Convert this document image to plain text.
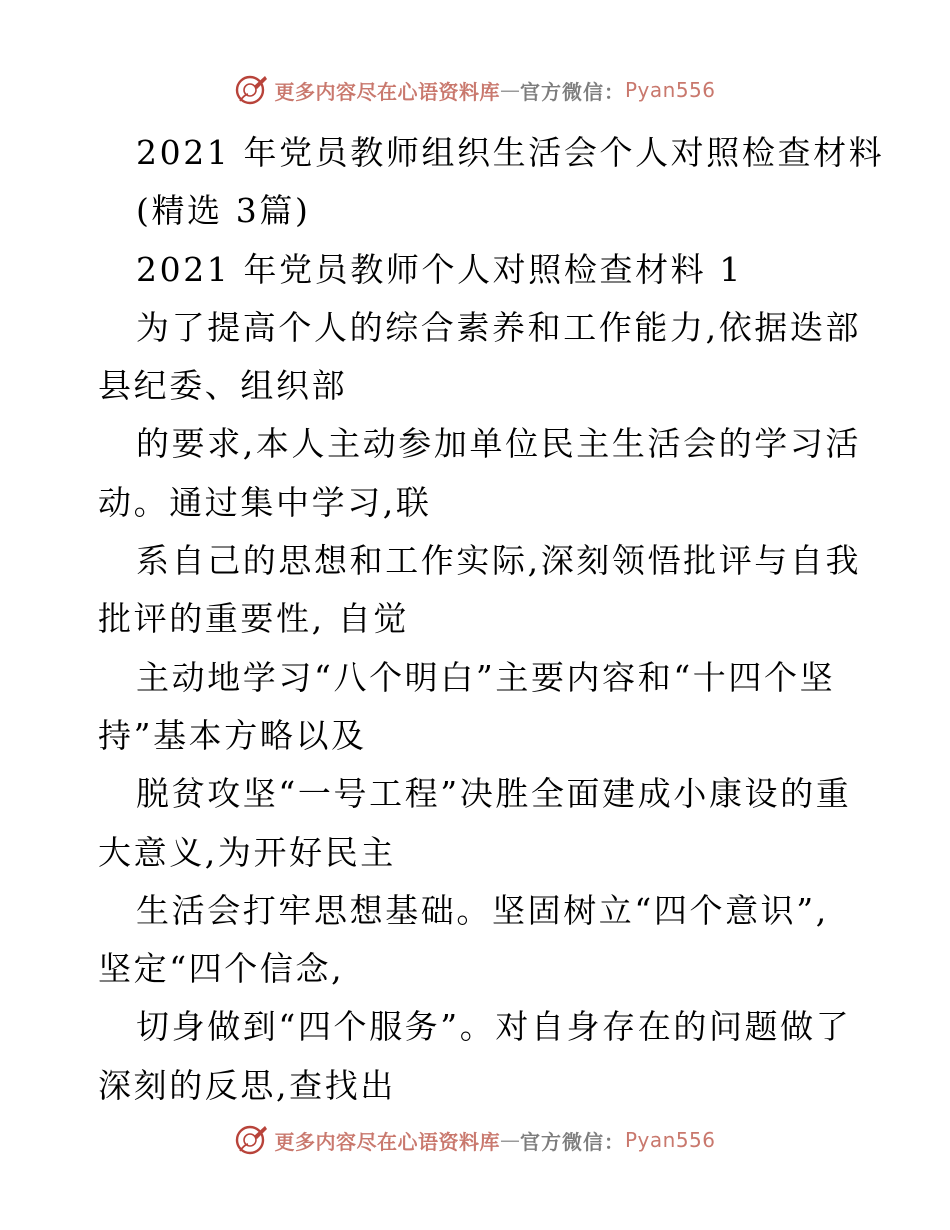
更多内容尽在心语资料库 — 官方微信： Pyan556
2021 年党员教师组织生活会个人对照检查材料
(精选 3篇)
2021 年党员教师个人对照检查材料 1
为了提高个人的综合素养和工作能力,依据迭部
县纪委、组织部
的要求,本人主动参加单位民主生活会的学习活
动。通过集中学习,联
系自己的思想和工作实际,深刻领悟批评与自我
批评的重要性, 自觉
主动地学习“八个明白”主要内容和“十四个坚
持”基本方略以及
脱贫攻坚“一号工程”决胜全面建成小康设的重
大意义,为开好民主
生活会打牢思想基础。坚固树立“四个意识”,
坚定“四个信念,
切身做到“四个服务”。对自身存在的问题做了
深刻的反思,查找出
更多内容尽在心语资料库 — 官方微信： Pyan556
